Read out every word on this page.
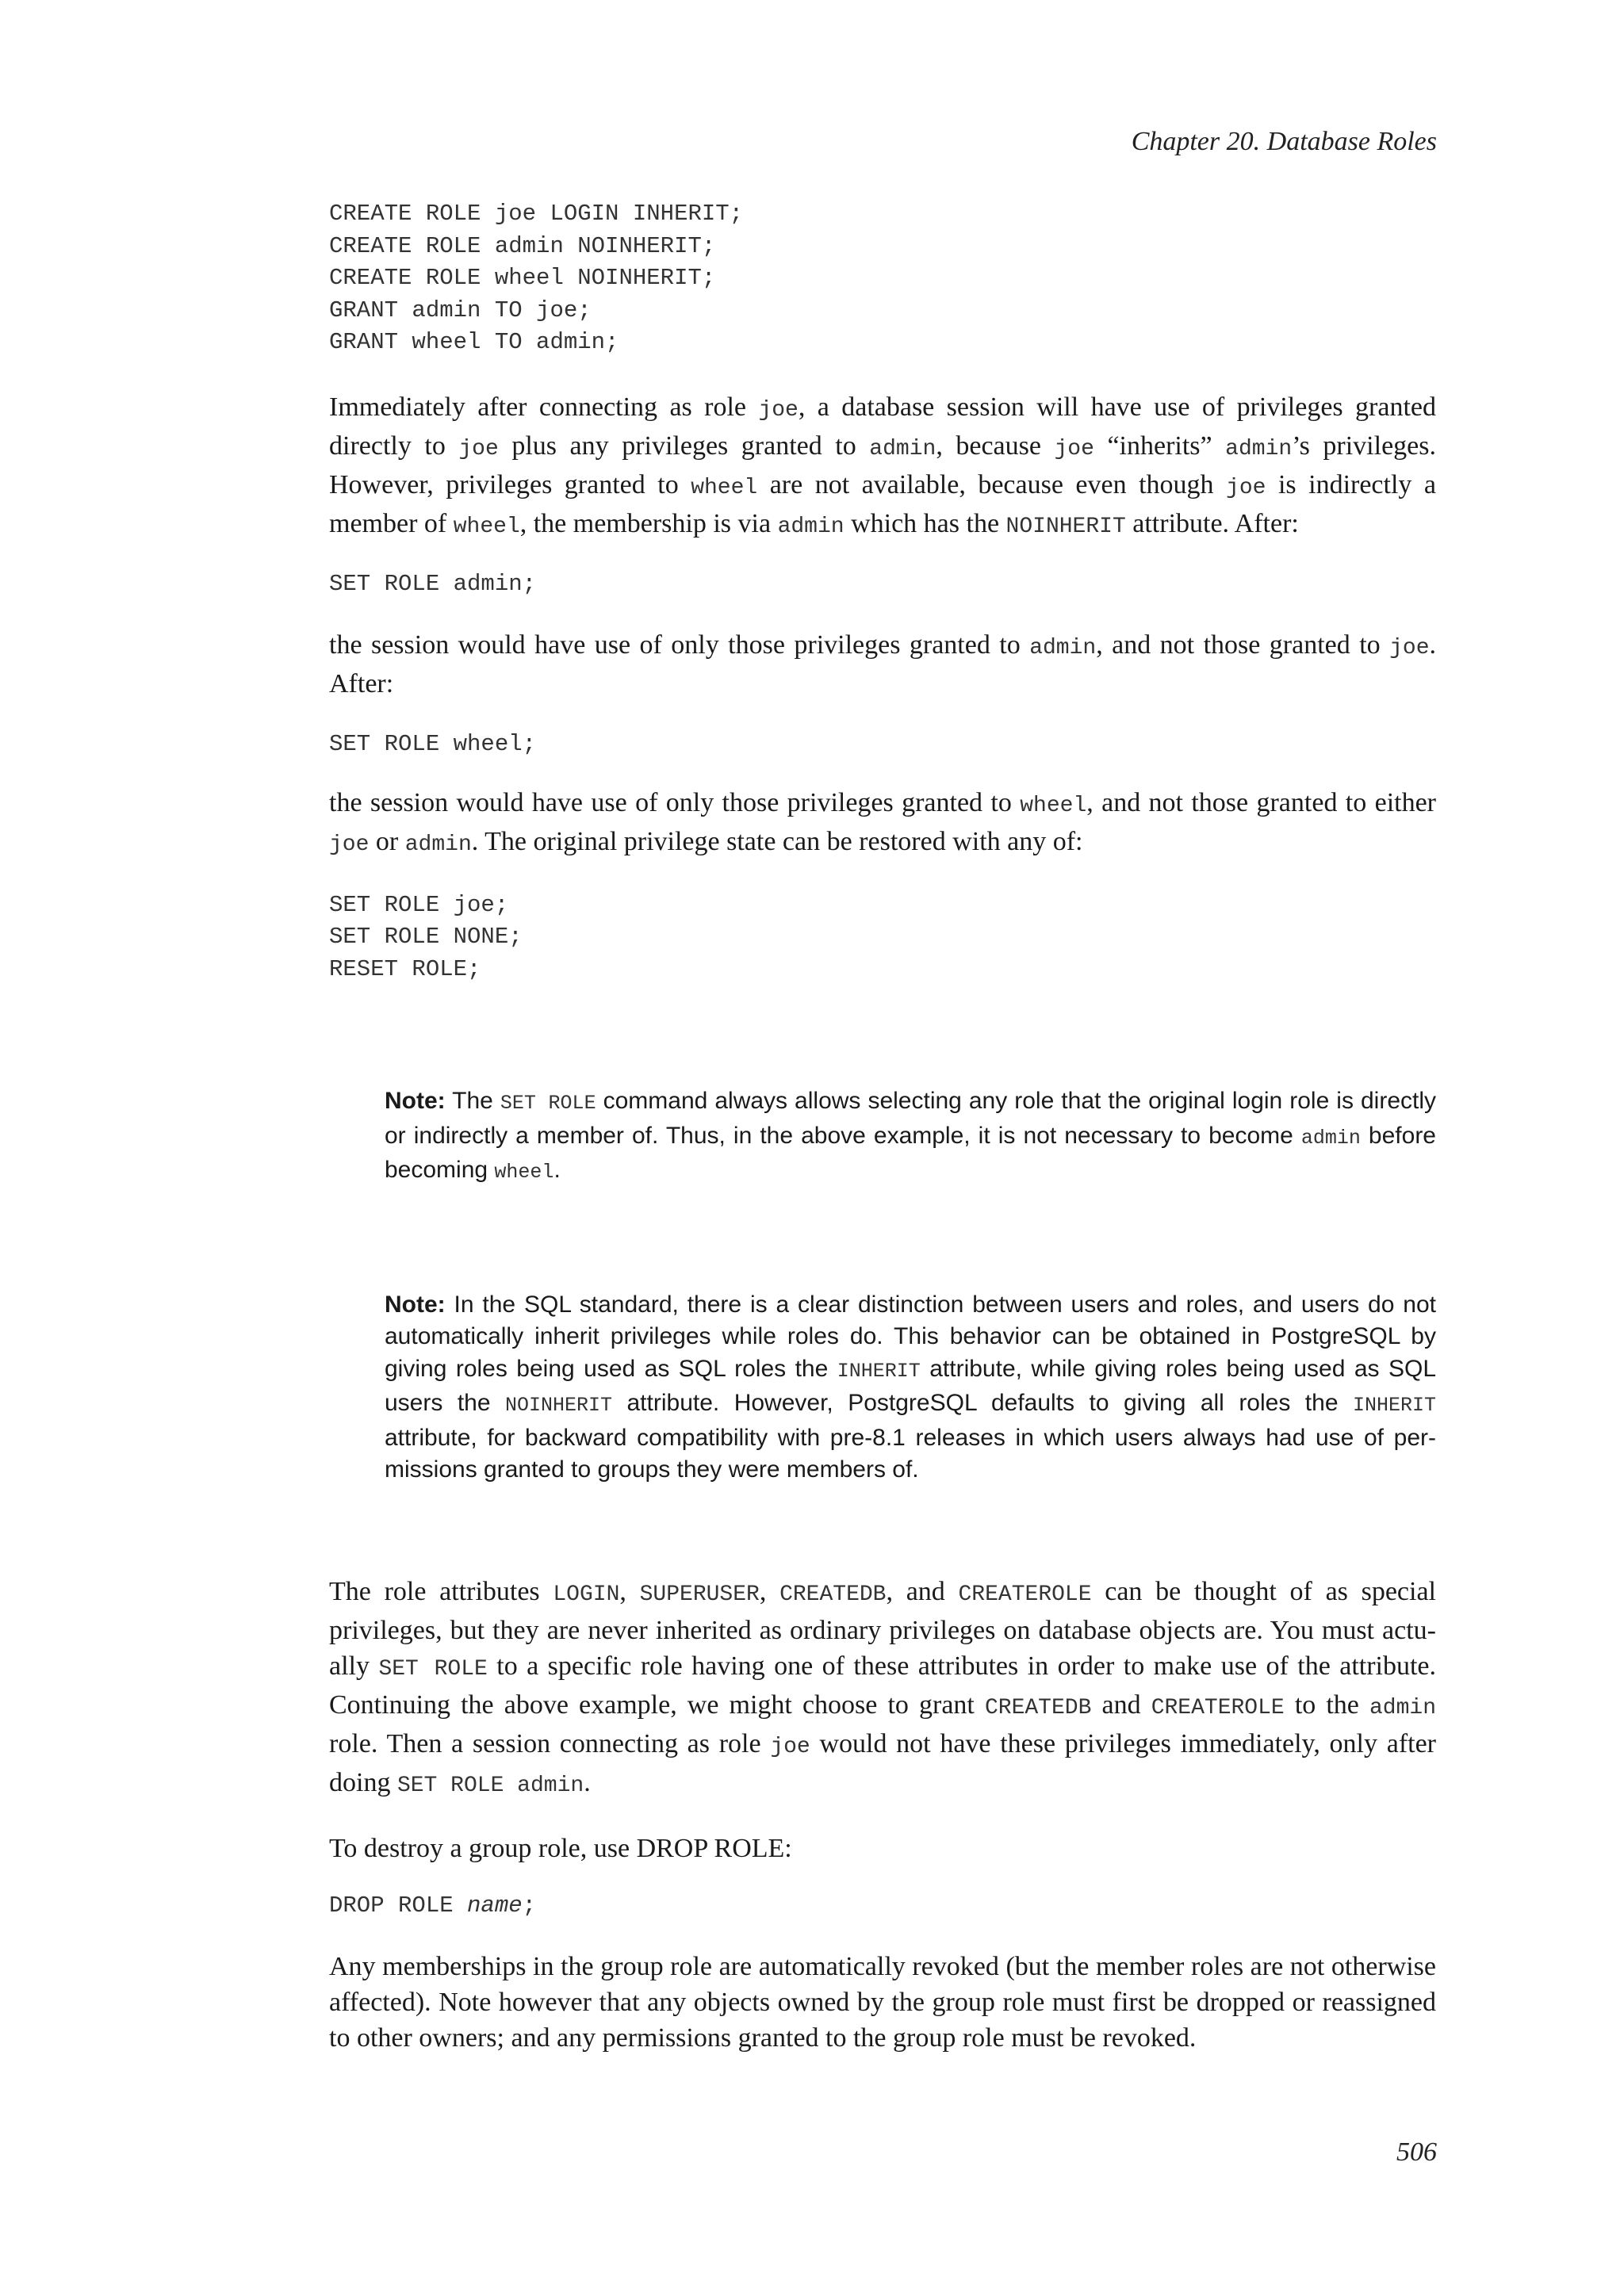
Chapter 20. Database Roles
CREATE ROLE joe LOGIN INHERIT;
CREATE ROLE admin NOINHERIT;
CREATE ROLE wheel NOINHERIT;
GRANT admin TO joe;
GRANT wheel TO admin;

Immediately after connecting as role joe, a database session will have use of privileges granted directly to joe plus any privileges granted to admin, because joe “inherits” admin’s privileges. However, privileges granted to wheel are not available, because even though joe is indirectly a member of wheel, the membership is via admin which has the NOINHERIT attribute. After:

SET ROLE admin;

the session would have use of only those privileges granted to admin, and not those granted to joe. After:

SET ROLE wheel;

the session would have use of only those privileges granted to wheel, and not those granted to either joe or admin. The original privilege state can be restored with any of:

SET ROLE joe;
SET ROLE NONE;
RESET ROLE;

Note: The SET ROLE command always allows selecting any role that the original login role is directly or indirectly a member of. Thus, in the above example, it is not necessary to become admin before becoming wheel.

Note: In the SQL standard, there is a clear distinction between users and roles, and users do not automatically inherit privileges while roles do. This behavior can be obtained in PostgreSQL by giving roles being used as SQL roles the INHERIT attribute, while giving roles being used as SQL users the NOINHERIT attribute. However, PostgreSQL defaults to giving all roles the INHERIT attribute, for backward compatibility with pre-8.1 releases in which users always had use of per-missions granted to groups they were members of.

The role attributes LOGIN, SUPERUSER, CREATEDB, and CREATEROLE can be thought of as special privileges, but they are never inherited as ordinary privileges on database objects are. You must actu-ally SET ROLE to a specific role having one of these attributes in order to make use of the attribute. Continuing the above example, we might choose to grant CREATEDB and CREATEROLE to the admin role. Then a session connecting as role joe would not have these privileges immediately, only after doing SET ROLE admin.

To destroy a group role, use DROP ROLE:

DROP ROLE name;

Any memberships in the group role are automatically revoked (but the member roles are not otherwise affected). Note however that any objects owned by the group role must first be dropped or reassigned to other owners; and any permissions granted to the group role must be revoked.

506
